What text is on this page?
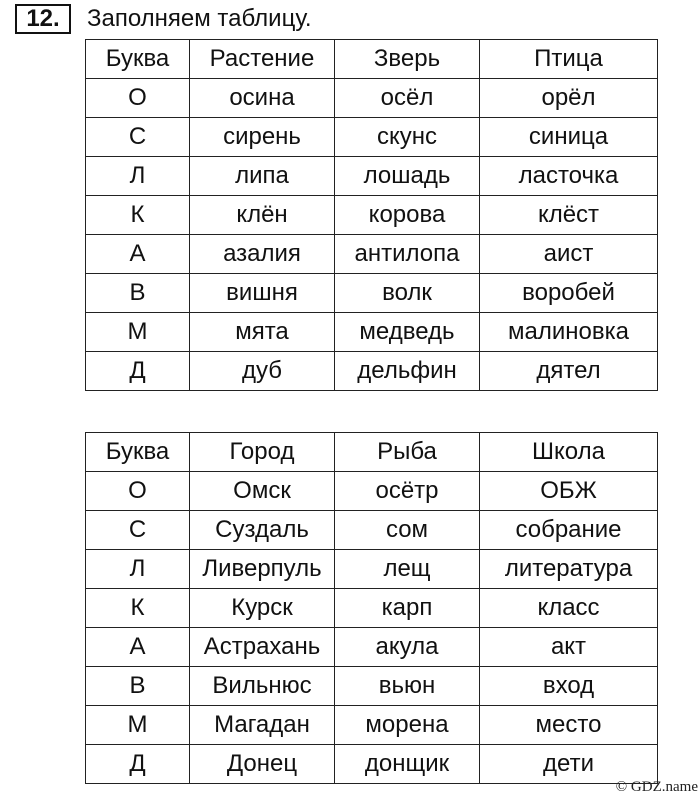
12.	Заполняем таблицу.
Буква	Растение	Зверь	Птица
О	осина	осёл	орёл
С	сирень	скунс	синица
Л	липа	лошадь	ласточка
К	клён	корова	клёст
А	азалия	антилопа	аист
В	вишня	волк	воробей
М	мята	медведь	малиновка
Д	дуб	дельфин	дятел
Буква	Город	Рыба	Школа
О	Омск	осётр	ОБЖ
С	Суздаль	сом	собрание
Л	Ливерпуль	лещ	литература
К	Курск	карп	класс
А	Астрахань	акула	акт
В	Вильнюс	вьюн	вход
М	Магадан	морена	место
Д	Донец	донщик	дети
© GDZ.name
